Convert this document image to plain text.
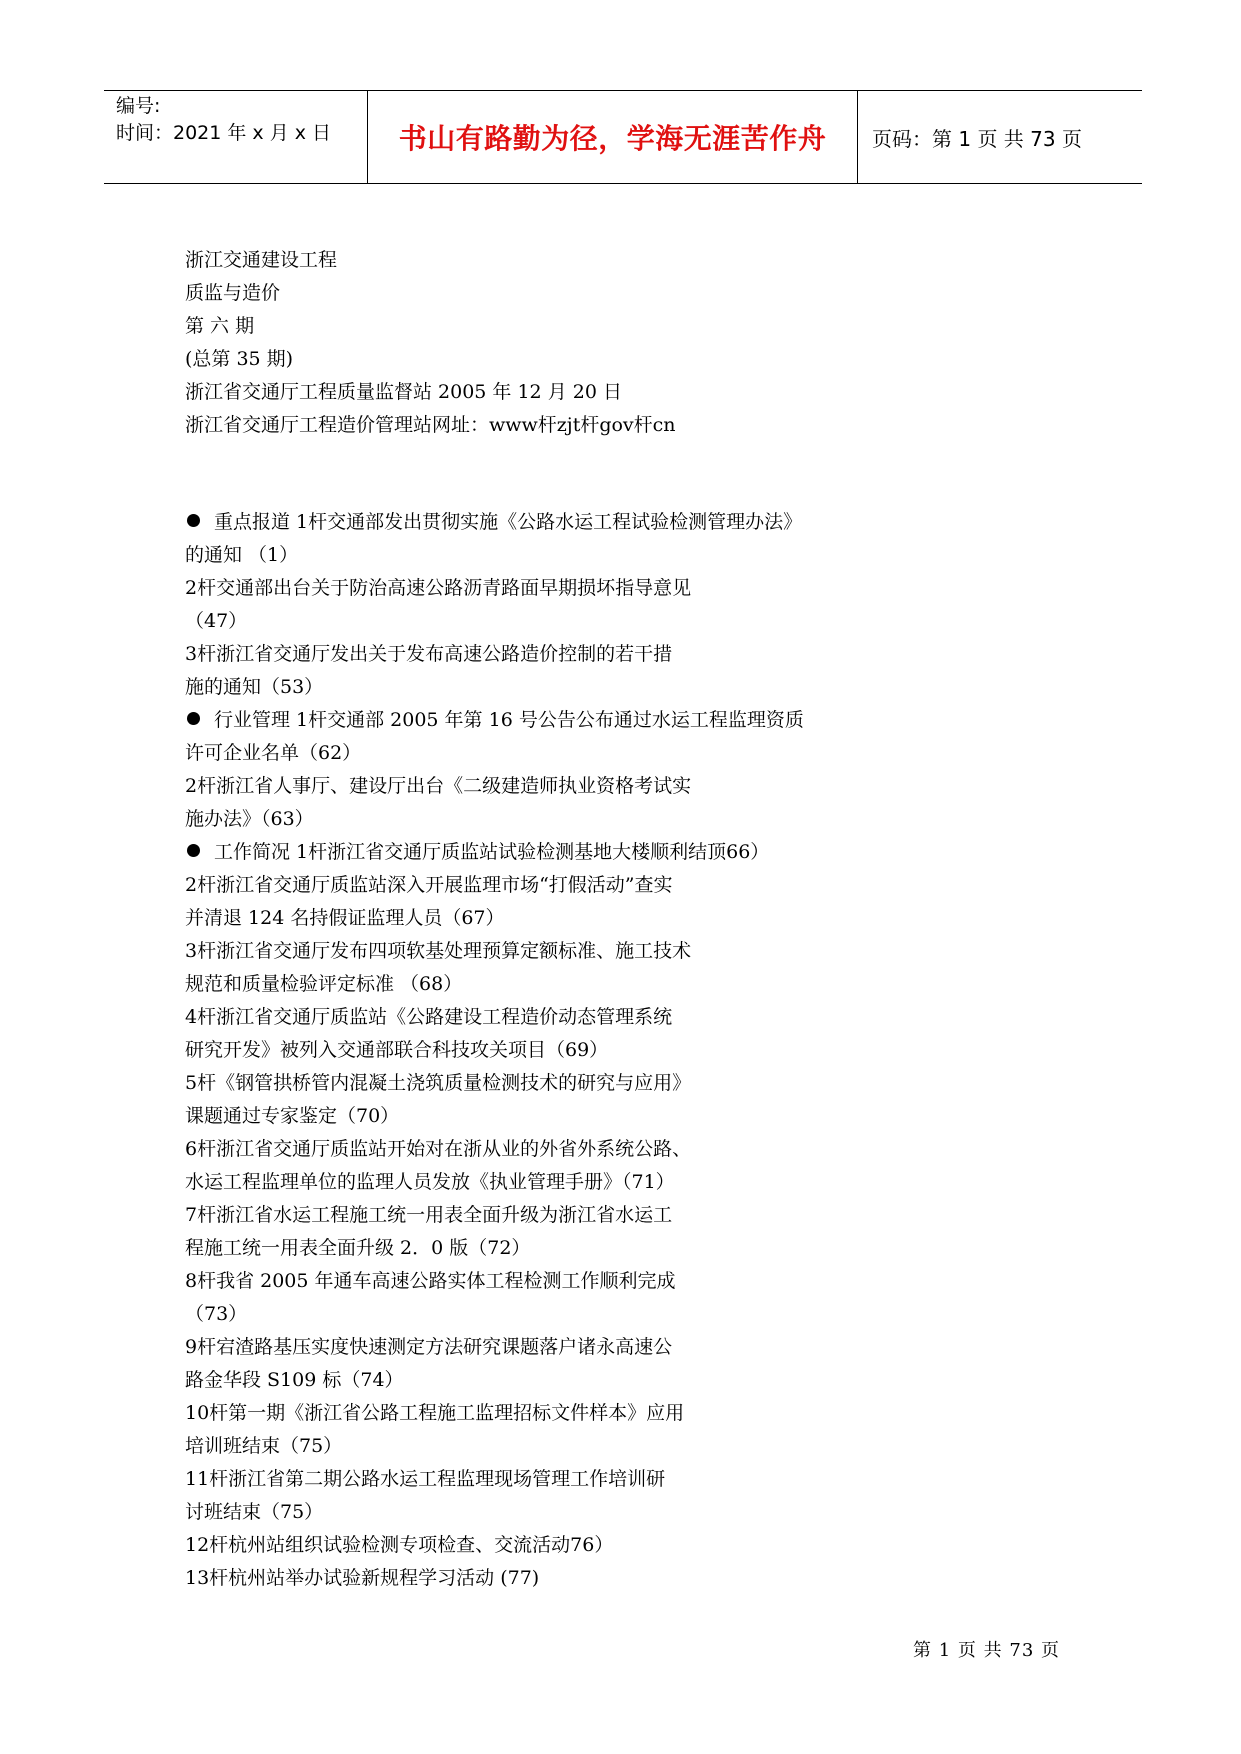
编号:
时间：2021 年 x 月 x 日	书山有路勤为径，学海无涯苦作舟 页码：第 1 页 共 73 页
浙江交通建设工程
质监与造价
第 六 期
(总第 35 期)
浙江省交通厅工程质量监督站 2005 年 12 月 20 日
浙江省交通厅工程造价管理站网址：www杆zjt杆gov杆cn
重点报道 1杆交通部发出贯彻实施《公路水运工程试验检测管理办法》
的通知 （1）
2杆交通部出台关于防治高速公路沥青路面早期损坏指导意见
（47）
3杆浙江省交通厅发出关于发布高速公路造价控制的若干措
施的通知（53）
行业管理 1杆交通部 2005 年第 16 号公告公布通过水运工程监理资质
许可企业名单（62）
2杆浙江省人事厅、建设厅出台《二级建造师执业资格考试实
施办法》（63）
工作简况 1杆浙江省交通厅质监站试验检测基地大楼顺利结顶66）
2杆浙江省交通厅质监站深入开展监理市场“打假活动”查实
并清退 124 名持假证监理人员（67）
3杆浙江省交通厅发布四项软基处理预算定额标准、施工技术
规范和质量检验评定标准 （68）
4杆浙江省交通厅质监站《公路建设工程造价动态管理系统
研究开发》被列入交通部联合科技攻关项目（69）
5杆《钢管拱桥管内混凝土浇筑质量检测技术的研究与应用》
课题通过专家鉴定（70）
6杆浙江省交通厅质监站开始对在浙从业的外省外系统公路、
水运工程监理单位的监理人员发放《执业管理手册》（71）
7杆浙江省水运工程施工统一用表全面升级为浙江省水运工
程施工统一用表全面升级 2．0 版（72）
8杆我省 2005 年通车高速公路实体工程检测工作顺利完成
（73）
9杆宕渣路基压实度快速测定方法研究课题落户诸永高速公
路金华段 S109 标（74）
10杆第一期《浙江省公路工程施工监理招标文件样本》应用
培训班结束（75）
11杆浙江省第二期公路水运工程监理现场管理工作培训研
讨班结束（75）
12杆杭州站组织试验检测专项检查、交流活动76）
13杆杭州站举办试验新规程学习活动 (77)
第 1 页 共 73 页
